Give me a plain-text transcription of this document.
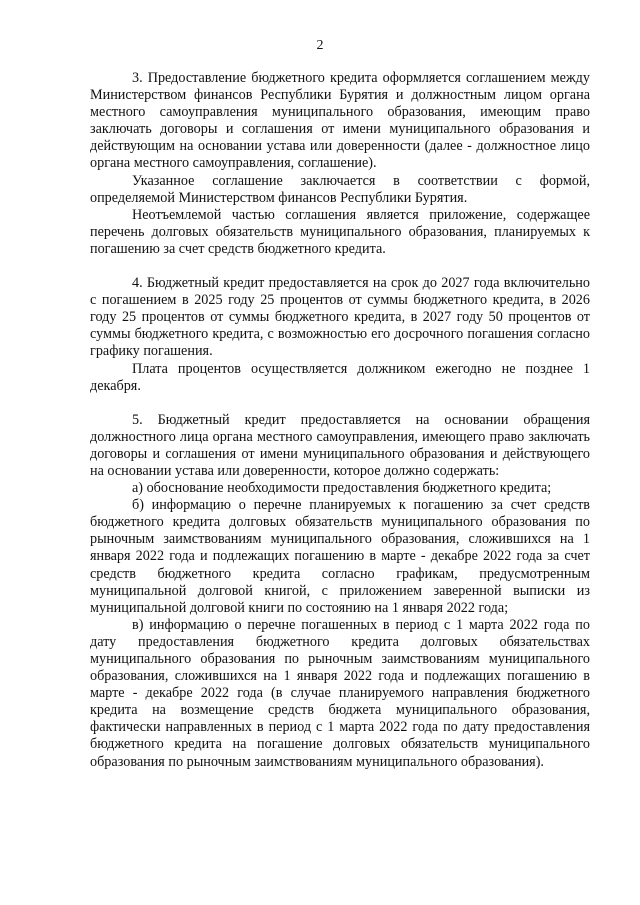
2

3. Предоставление бюджетного кредита оформляется соглашением между Министерством финансов Республики Бурятия и должностным лицом органа местного самоуправления муниципального образования, имеющим право заключать договоры и соглашения от имени муниципального образования и действующим на основании устава или доверенности (далее - должностное лицо органа местного самоуправления, соглашение).

Указанное соглашение заключается в соответствии с формой, определяемой Министерством финансов Республики Бурятия.

Неотъемлемой частью соглашения является приложение, содержащее перечень долговых обязательств муниципального образования, планируемых к погашению за счет средств бюджетного кредита.

4. Бюджетный кредит предоставляется на срок до 2027 года включительно с погашением в 2025 году 25 процентов от суммы бюджетного кредита, в 2026 году 25 процентов от суммы бюджетного кредита, в 2027 году 50 процентов от суммы бюджетного кредита, с возможностью его досрочного погашения согласно графику погашения.

Плата процентов осуществляется должником ежегодно не позднее 1 декабря.

5. Бюджетный кредит предоставляется на основании обращения должностного лица органа местного самоуправления, имеющего право заключать договоры и соглашения от имени муниципального образования и действующего на основании устава или доверенности, которое должно содержать:

а) обоснование необходимости предоставления бюджетного кредита;

б) информацию о перечне планируемых к погашению за счет средств бюджетного кредита долговых обязательств муниципального образования по рыночным заимствованиям муниципального образования, сложившихся на 1 января 2022 года и подлежащих погашению в марте - декабре 2022 года за счет средств бюджетного кредита согласно графикам, предусмотренным муниципальной долговой книгой, с приложением заверенной выписки из муниципальной долговой книги по состоянию на 1 января 2022 года;

в) информацию о перечне погашенных в период с 1 марта 2022 года по дату предоставления бюджетного кредита долговых обязательствах муниципального образования по рыночным заимствованиям муниципального образования, сложившихся на 1 января 2022 года и подлежащих погашению в марте - декабре 2022 года (в случае планируемого направления бюджетного кредита на возмещение средств бюджета муниципального образования, фактически направленных в период с 1 марта 2022 года по дату предоставления бюджетного кредита на погашение долговых обязательств муниципального образования по рыночным заимствованиям муниципального образования).
